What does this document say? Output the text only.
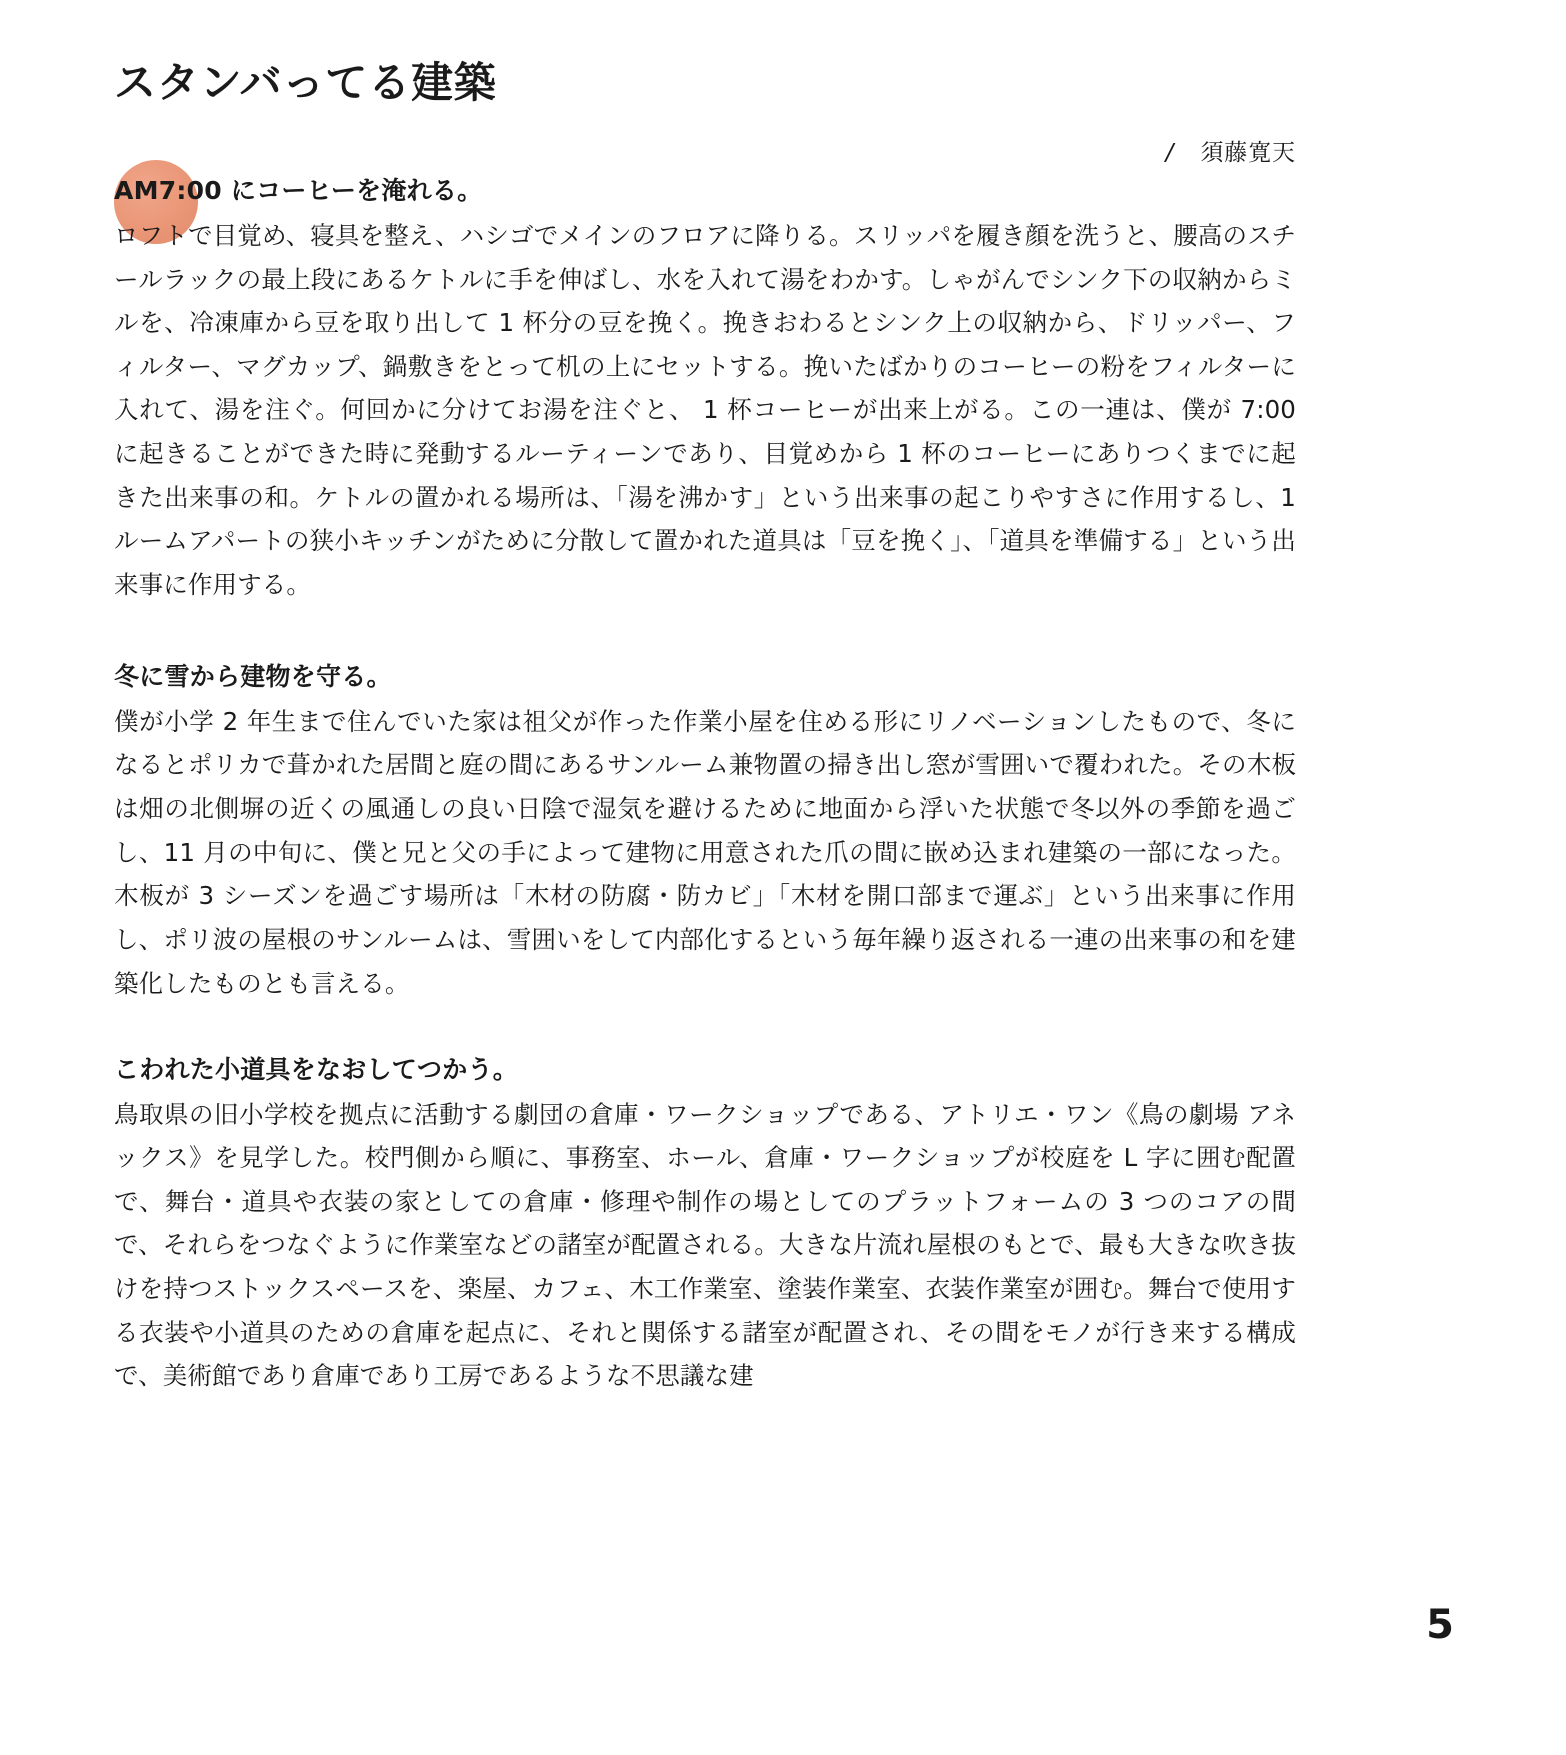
スタンバってる建築
/ 須藤寛天
AM7:00 にコーヒーを淹れる。

ロフトで目覚め、寝具を整え、ハシゴでメインのフロアに降りる。スリッパを履き顔を洗うと、腰高のスチールラックの最上段にあるケトルに手を伸ばし、水を入れて湯をわかす。しゃがんでシンク下の収納からミルを、冷凍庫から豆を取り出して 1 杯分の豆を挽く。挽きおわるとシンク上の収納から、ドリッパー、フィルター、マグカップ、鍋敷きをとって机の上にセットする。挽いたばかりのコーヒーの粉をフィルターに入れて、湯を注ぐ。何回かに分けてお湯を注ぐと、 1 杯コーヒーが出来上がる。この一連は、僕が 7:00 に起きることができた時に発動するルーティーンであり、目覚めから 1 杯のコーヒーにありつくまでに起きた出来事の和。ケトルの置かれる場所は、「湯を沸かす」という出来事の起こりやすさに作用するし、1 ルームアパートの狭小キッチンがために分散して置かれた道具は「豆を挽く」、「道具を準備する」という出来事に作用する。

冬に雪から建物を守る。

僕が小学 2 年生まで住んでいた家は祖父が作った作業小屋を住める形にリノベーションしたもので、冬になるとポリカで葺かれた居間と庭の間にあるサンルーム兼物置の掃き出し窓が雪囲いで覆われた。その木板は畑の北側塀の近くの風通しの良い日陰で湿気を避けるために地面から浮いた状態で冬以外の季節を過ごし、11 月の中旬に、僕と兄と父の手によって建物に用意された爪の間に嵌め込まれ建築の一部になった。木板が 3 シーズンを過ごす場所は「木材の防腐・防カビ」「木材を開口部まで運ぶ」という出来事に作用し、ポリ波の屋根のサンルームは、雪囲いをして内部化するという毎年繰り返される一連の出来事の和を建築化したものとも言える。

こわれた小道具をなおしてつかう。

鳥取県の旧小学校を拠点に活動する劇団の倉庫・ワークショップである、アトリエ・ワン《鳥の劇場 アネックス》を見学した。校門側から順に、事務室、ホール、倉庫・ワークショップが校庭を L 字に囲む配置で、舞台・道具や衣装の家としての倉庫・修理や制作の場としてのプラットフォームの 3 つのコアの間で、それらをつなぐように作業室などの諸室が配置される。大きな片流れ屋根のもとで、最も大きな吹き抜けを持つストックスペースを、楽屋、カフェ、木工作業室、塗装作業室、衣装作業室が囲む。舞台で使用する衣装や小道具のための倉庫を起点に、それと関係する諸室が配置され、その間をモノが行き来する構成で、美術館であり倉庫であり工房であるような不思議な建

5
